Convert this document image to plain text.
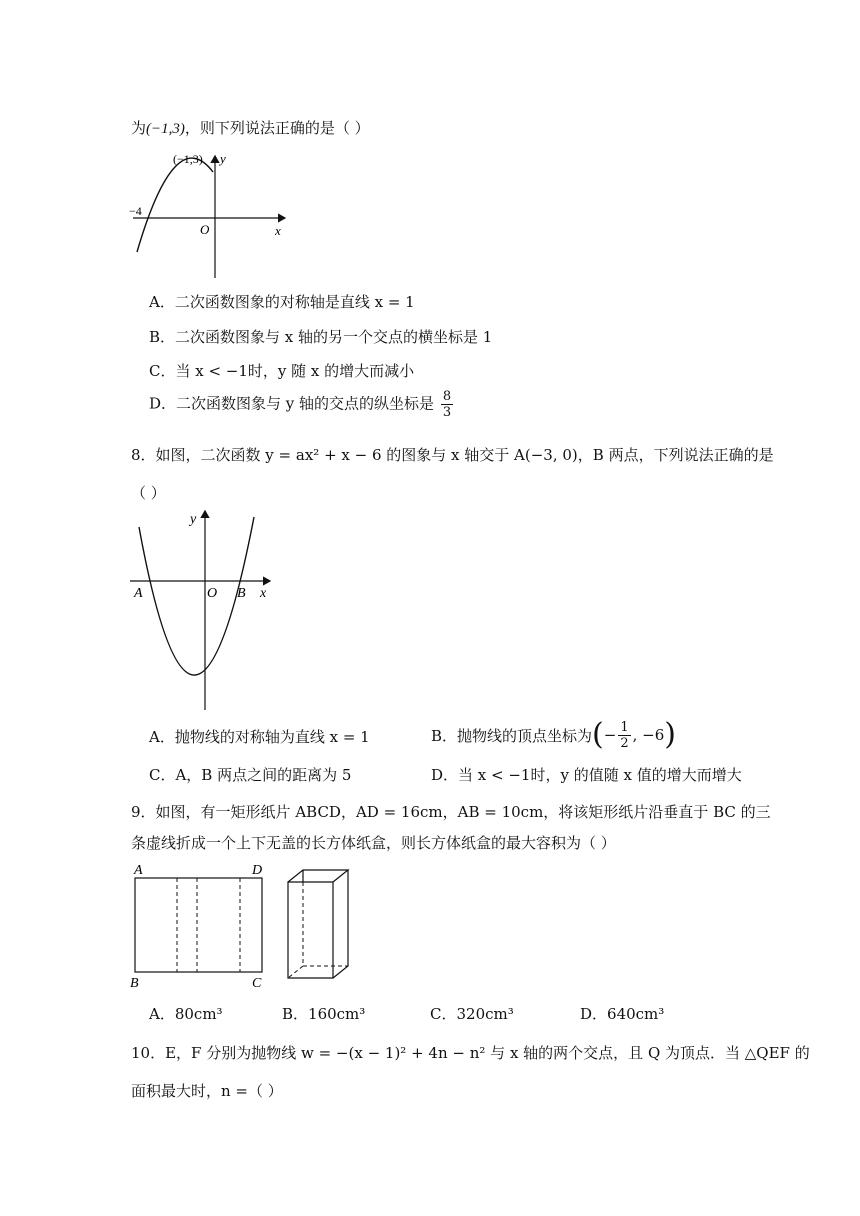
为(−1,3)，则下列说法正确的是（ ）
(−1,3) y
x
O
−4
A．二次函数图象的对称轴是直线 x = 1
B．二次函数图象与 x 轴的另一个交点的横坐标是 1
C．当 x < −1时，y 随 x 的增大而减小
D．二次函数图象与 y 轴的交点的纵坐标是 $\frac{8}{3}$
8．如图，二次函数 y = ax² + x − 6 的图象与 x 轴交于 A(−3, 0)，B 两点，下列说法正确的是
（ ）
y
x
O
A	B
A．抛物线的对称轴为直线 x = 1	B．抛物线的顶点坐标为 ( − $\frac{1}{2}$ , −6 )
C．A，B 两点之间的距离为 5	D．当 x < −1时，y 的值随 x 值的增大而增大
9．如图，有一矩形纸片 ABCD，AD = 16cm，AB = 10cm，将该矩形纸片沿垂直于 BC 的三
条虚线折成一个上下无盖的长方体纸盒，则长方体纸盒的最大容积为（ ）
A	D
B	C
A．80cm³	B．160cm³	C．320cm³	D．640cm³
10．E，F 分别为抛物线 w = −(x − 1)² + 4n − n² 与 x 轴的两个交点，且 Q 为顶点．当 △QEF 的
面积最大时，n =（ ）
